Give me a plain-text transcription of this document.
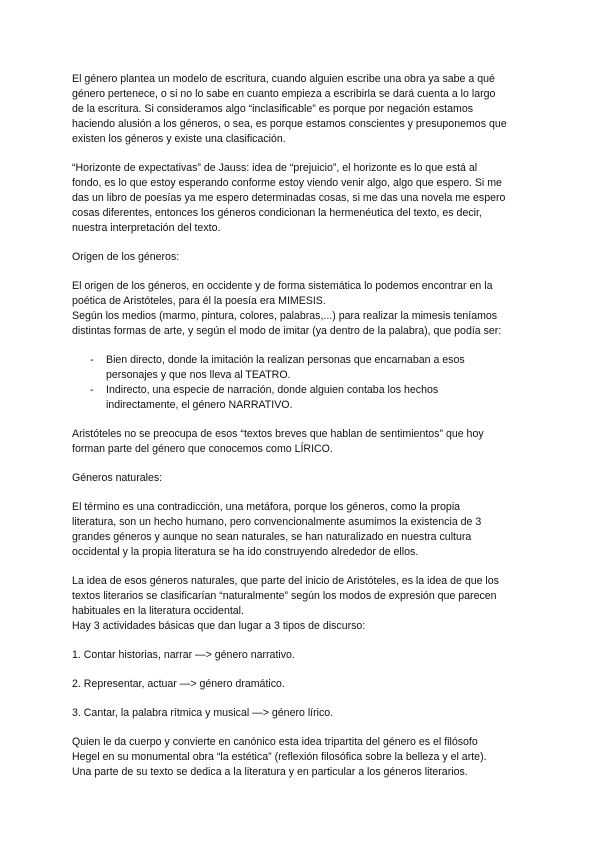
El género plantea un modelo de escritura, cuando alguien escribe una obra ya sabe a qué
género pertenece, o si no lo sabe en cuanto empieza a escribirla se dará cuenta a lo largo
de la escritura. Si consideramos algo “inclasificable” es porque por negación estamos
haciendo alusión a los géneros, o sea, es porque estamos conscientes y presuponemos que
existen los géneros y existe una clasificación.

“Horizonte de expectativas” de Jauss: idea de “prejuicio”, el horizonte es lo que está al
fondo, es lo que estoy esperando conforme estoy viendo venir algo, algo que espero. Si me
das un libro de poesías ya me espero determinadas cosas, si me das una novela me espero
cosas diferentes, entonces los géneros condicionan la hermenéutica del texto, es decir,
nuestra interpretación del texto.

Origen de los géneros:

El origen de los géneros, en occidente y de forma sistemática lo podemos encontrar en la
poética de Aristóteles, para él la poesía era MIMESIS.

Según los medios (marmo, pintura, colores, palabras,...) para realizar la mimesis teníamos
distintas formas de arte, y según el modo de imitar (ya dentro de la palabra), que podía ser:

- Bien directo, donde la imitación la realizan personas que encarnaban a esos
personajes y que nos lleva al TEATRO.
- Indirecto, una especie de narración, donde alguien contaba los hechos
indirectamente, el género NARRATIVO.

Aristóteles no se preocupa de esos “textos breves que hablan de sentimientos” que hoy
forman parte del género que conocemos como LÍRICO.

Géneros naturales:

El término es una contradicción, una metáfora, porque los géneros, como la propia
literatura, son un hecho humano, pero convencionalmente asumimos la existencia de 3
grandes géneros y aunque no sean naturales, se han naturalizado en nuestra cultura
occidental y la propia literatura se ha ido construyendo alrededor de ellos.

La idea de esos géneros naturales, que parte del inicio de Aristóteles, es la idea de que los
textos literarios se clasificarían “naturalmente” según los modos de expresión que parecen
habituales en la literatura occidental.

Hay 3 actividades básicas que dan lugar a 3 tipos de discurso:

1. Contar historias, narrar —> género narrativo.

2. Representar, actuar —> género dramático.

3. Cantar, la palabra rítmica y musical —> género lírico.

Quien le da cuerpo y convierte en canónico esta idea tripartita del género es el filósofo
Hegel en su monumental obra “la estética” (reflexión filosófica sobre la belleza y el arte).
Una parte de su texto se dedica a la literatura y en particular a los géneros literarios.
